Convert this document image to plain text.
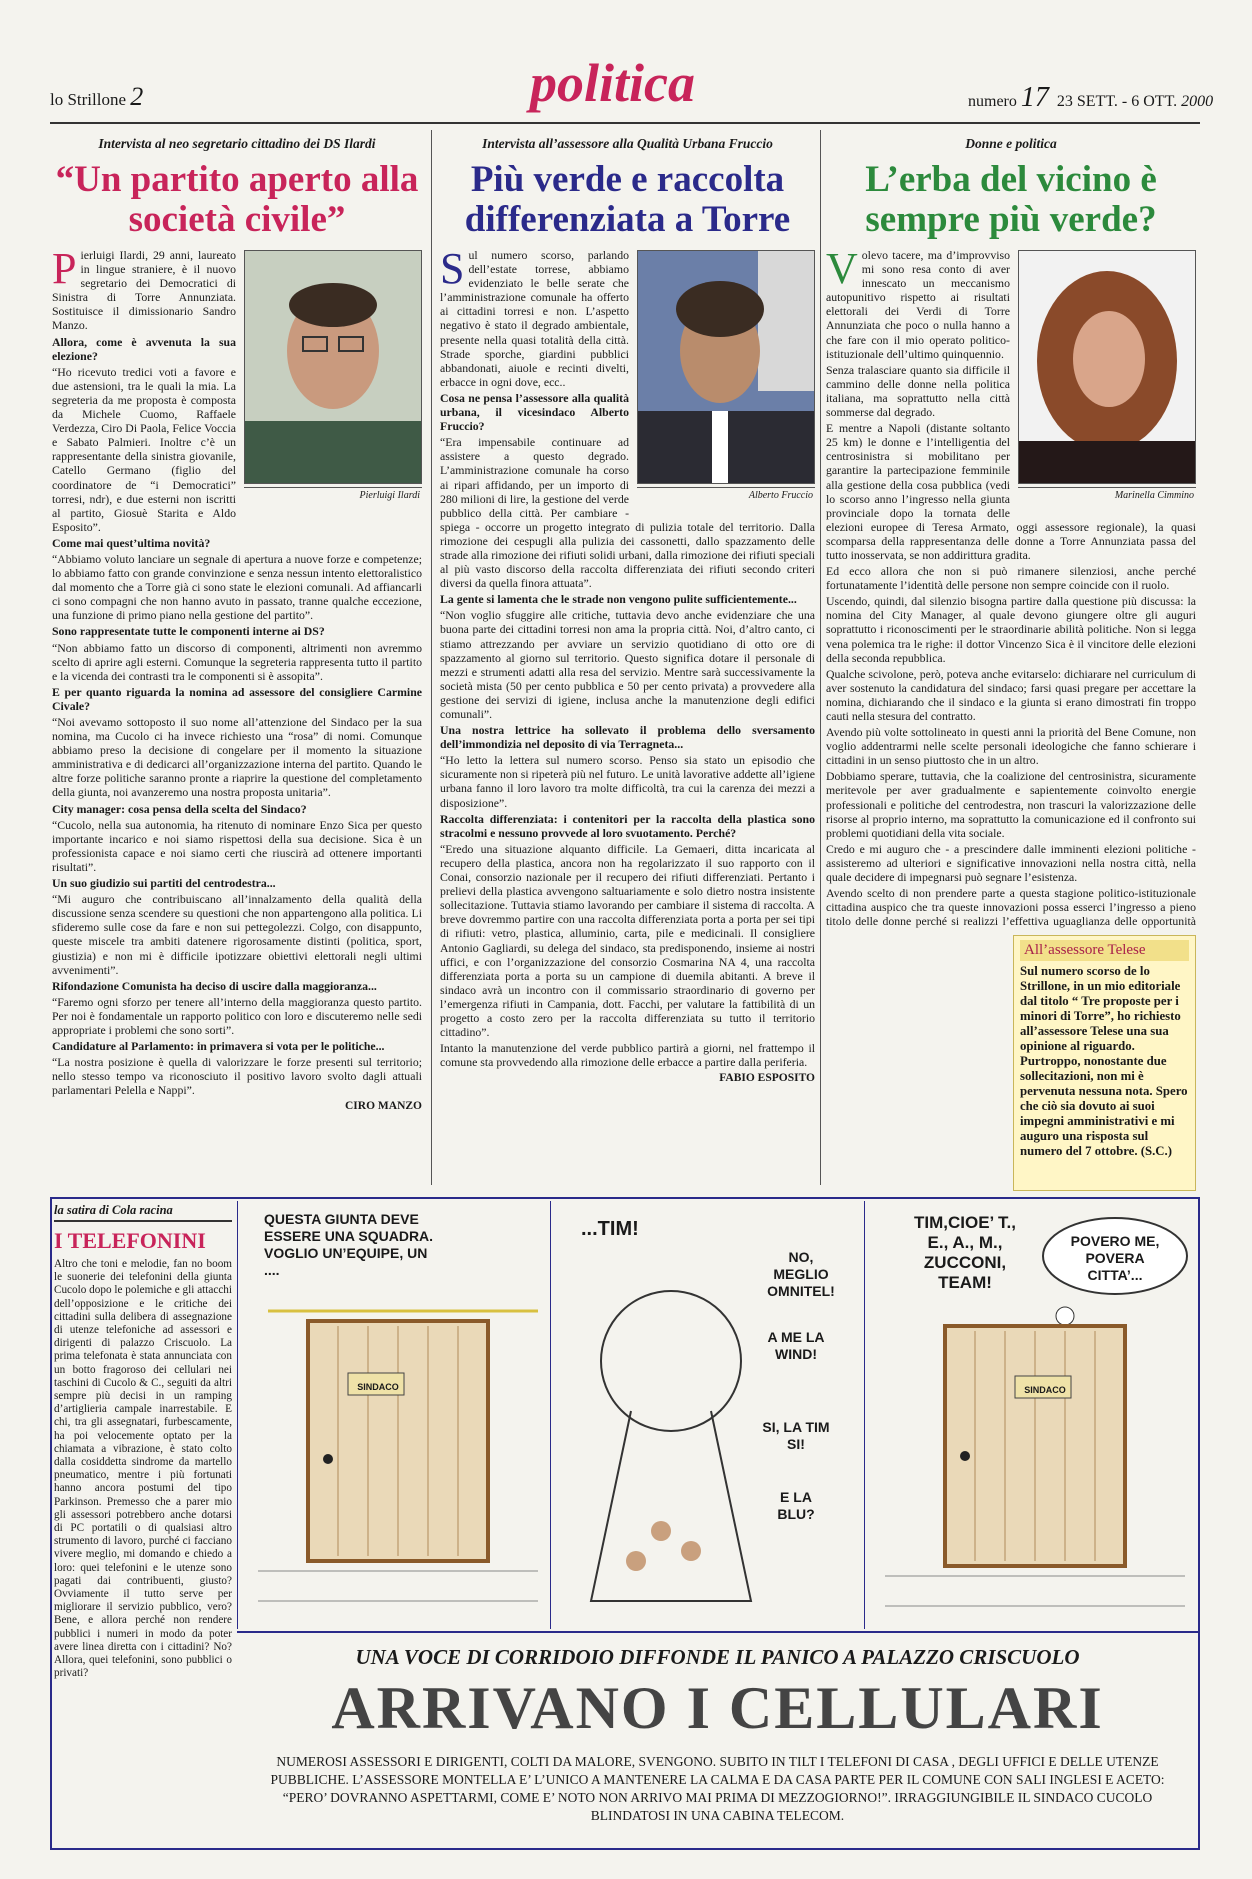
lo Strillone 2	politica	numero 17 23 SETT. - 6 OTT. 2000
Intervista al neo segretario cittadino dei DS Ilardi
“Un partito aperto alla società civile”
Pierluigi Ilardi
P ierluigi Ilardi, 29 anni, laureato in lingue straniere, è il nuovo segretario dei Democratici di Sinistra di Torre Annunziata. Sostituisce il dimissionario Sandro Manzo.

Allora, come è avvenuta la sua elezione?

“Ho ricevuto tredici voti a favore e due astensioni, tra le quali la mia. La segreteria da me proposta è composta da Michele Cuomo, Raffaele Verdezza, Ciro Di Paola, Felice Voccia e Sabato Palmieri. Inoltre c’è un rappresentante della sinistra giovanile, Catello Germano (figlio del coordinatore de “i Democratici” torresi, ndr), e due esterni non iscritti al partito, Giosuè Starita e Aldo Esposito”.

Come mai quest’ultima novità?

“Abbiamo voluto lanciare un segnale di apertura a nuove forze e competenze; lo abbiamo fatto con grande convinzione e senza nessun intento elettoralistico dal momento che a Torre già ci sono state le elezioni comunali. Ad affiancarli ci sono compagni che non hanno avuto in passato, tranne qualche eccezione, una funzione di primo piano nella gestione del partito”.

Sono rappresentate tutte le componenti interne ai DS?

“Non abbiamo fatto un discorso di componenti, altrimenti non avremmo scelto di aprire agli esterni. Comunque la segreteria rappresenta tutto il partito e la vicenda dei contrasti tra le componenti si è assopita”.

E per quanto riguarda la nomina ad assessore del consigliere Carmine Civale?

“Noi avevamo sottoposto il suo nome all’attenzione del Sindaco per la sua nomina, ma Cucolo ci ha invece richiesto una “rosa” di nomi. Comunque abbiamo preso la decisione di congelare per il momento la situazione amministrativa e di dedicarci all’organizzazione interna del partito. Quando le altre forze politiche saranno pronte a riaprire la questione del completamento della giunta, noi avanzeremo una nostra proposta unitaria”.

City manager: cosa pensa della scelta del Sindaco?

“Cucolo, nella sua autonomia, ha ritenuto di nominare Enzo Sica per questo importante incarico e noi siamo rispettosi della sua decisione. Sica è un professionista capace e noi siamo certi che riuscirà ad ottenere importanti risultati”.

Un suo giudizio sui partiti del centrodestra...

“Mi auguro che contribuiscano all’innalzamento della qualità della discussione senza scendere su questioni che non appartengono alla politica. Li sfideremo sulle cose da fare e non sui pettegolezzi. Colgo, con disappunto, queste miscele tra ambiti datenere rigorosamente distinti (politica, sport, giustizia) e non mi è difficile ipotizzare obiettivi elettorali negli ultimi avvenimenti”.

Rifondazione Comunista ha deciso di uscire dalla maggioranza...

“Faremo ogni sforzo per tenere all’interno della maggioranza questo partito. Per noi è fondamentale un rapporto politico con loro e discuteremo nelle sedi appropriate i problemi che sono sorti”.

Candidature al Parlamento: in primavera si vota per le politiche...

“La nostra posizione è quella di valorizzare le forze presenti sul territorio; nello stesso tempo va riconosciuto il positivo lavoro svolto dagli attuali parlamentari Pelella e Nappi”.

CIRO MANZO
Intervista all’assessore alla Qualità Urbana Fruccio
Più verde e raccolta differenziata a Torre
Alberto Fruccio
S ul numero scorso, parlando dell’estate torrese, abbiamo evidenziato le belle serate che l’amministrazione comunale ha offerto ai cittadini torresi e non. L’aspetto negativo è stato il degrado ambientale, presente nella quasi totalità della città. Strade sporche, giardini pubblici abbandonati, aiuole e recinti divelti, erbacce in ogni dove, ecc..

Cosa ne pensa l’assessore alla qualità urbana, il vicesindaco Alberto Fruccio?

“Era impensabile continuare ad assistere a questo degrado. L’amministrazione comunale ha corso ai ripari affidando, per un importo di 280 milioni di lire, la gestione del verde pubblico della città. Per cambiare - spiega - occorre un progetto integrato di pulizia totale del territorio. Dalla rimozione dei cespugli alla pulizia dei cassonetti, dallo spazzamento delle strade alla rimozione dei rifiuti solidi urbani, dalla rimozione dei rifiuti speciali al più vasto discorso della raccolta differenziata dei rifiuti secondo criteri diversi da quella finora attuata”.

La gente si lamenta che le strade non vengono pulite sufficientemente...

“Non voglio sfuggire alle critiche, tuttavia devo anche evidenziare che una buona parte dei cittadini torresi non ama la propria città. Noi, d’altro canto, ci stiamo attrezzando per avviare un servizio quotidiano di otto ore di spazzamento al giorno sul territorio. Questo significa dotare il personale di mezzi e strumenti adatti alla resa del servizio. Mentre sarà successivamente la società mista (50 per cento pubblica e 50 per cento privata) a provvedere alla gestione dei servizi di igiene, inclusa anche la manutenzione degli edifici comunali”.

Una nostra lettrice ha sollevato il problema dello sversamento dell’immondizia nel deposito di via Terragneta...

“Ho letto la lettera sul numero scorso. Penso sia stato un episodio che sicuramente non si ripeterà più nel futuro. Le unità lavorative addette all’igiene urbana fanno il loro lavoro tra molte difficoltà, tra cui la carenza dei mezzi a disposizione”.

Raccolta differenziata: i contenitori per la raccolta della plastica sono stracolmi e nessuno provvede al loro svuotamento. Perché?

“Eredo una situazione alquanto difficile. La Gemaeri, ditta incaricata al recupero della plastica, ancora non ha regolarizzato il suo rapporto con il Conai, consorzio nazionale per il recupero dei rifiuti differenziati. Pertanto i prelievi della plastica avvengono saltuariamente e solo dietro nostra insistente sollecitazione. Tuttavia stiamo lavorando per cambiare il sistema di raccolta. A breve dovremmo partire con una raccolta differenziata porta a porta per sei tipi di rifiuti: vetro, plastica, alluminio, carta, pile e medicinali. Il consigliere Antonio Gagliardi, su delega del sindaco, sta predisponendo, insieme ai nostri uffici, e con l’organizzazione del consorzio Cosmarina NA 4, una raccolta differenziata porta a porta su un campione di duemila abitanti. A breve il sindaco avrà un incontro con il commissario straordinario di governo per l’emergenza rifiuti in Campania, dott. Facchi, per valutare la fattibilità di un progetto a costo zero per la raccolta differenziata su tutto il territorio cittadino”.

Intanto la manutenzione del verde pubblico partirà a giorni, nel frattempo il comune sta provvedendo alla rimozione delle erbacce a partire dalla periferia.

FABIO ESPOSITO
Donne e politica
L’erba del vicino è sempre più verde?
Marinella Cimmino
V olevo tacere, ma d’improvviso mi sono resa conto di aver innescato un meccanismo autopunitivo rispetto ai risultati elettorali dei Verdi di Torre Annunziata che poco o nulla hanno a che fare con il mio operato politico-istituzionale dell’ultimo quinquennio.

Senza tralasciare quanto sia difficile il cammino delle donne nella politica italiana, ma soprattutto nella città sommerse dal degrado.

E mentre a Napoli (distante soltanto 25 km) le donne e l’intelligentia del centrosinistra si mobilitano per garantire la partecipazione femminile alla gestione della cosa pubblica (vedi lo scorso anno l’ingresso nella giunta provinciale dopo la tornata delle elezioni europee di Teresa Armato, oggi assessore regionale), la quasi scomparsa della rappresentanza delle donne a Torre Annunziata passa del tutto inosservata, se non addirittura gradita.

Ed ecco allora che non si può rimanere silenziosi, anche perché fortunatamente l’identità delle persone non sempre coincide con il ruolo.

Uscendo, quindi, dal silenzio bisogna partire dalla questione più discussa: la nomina del City Manager, al quale devono giungere oltre gli auguri soprattutto i riconoscimenti per le straordinarie abilità politiche. Non si legga vena polemica tra le righe: il dottor Vincenzo Sica è il vincitore delle elezioni della seconda repubblica.

Qualche scivolone, però, poteva anche evitarselo: dichiarare nel curriculum di aver sostenuto la candidatura del sindaco; farsi quasi pregare per accettare la nomina, dichiarando che il sindaco e la giunta si erano dimostrati fin troppo cauti nella stesura del contratto.

Avendo più volte sottolineato in questi anni la priorità del Bene Comune, non voglio addentrarmi nelle scelte personali ideologiche che fanno schierare i cittadini in un senso piuttosto che in un altro.

Dobbiamo sperare, tuttavia, che la coalizione del centrosinistra, sicuramente meritevole per aver gradualmente e sapientemente coinvolto energie professionali e politiche del centrodestra, non trascuri la valorizzazione delle risorse al proprio interno, ma soprattutto la comunicazione ed il confronto sui problemi quotidiani della vita sociale.

Credo e mi auguro che - a prescindere dalle imminenti elezioni politiche - assisteremo ad ulteriori e significative innovazioni nella nostra città, nella quale decidere di impegnarsi può segnare l’esistenza.

Avendo scelto di non prendere parte a questa stagione politico-istituzionale cittadina auspico che tra queste innovazioni possa esserci l’ingresso a pieno titolo delle donne perché si realizzi l’effettiva uguaglianza delle opportunità

All’assessore Telese
Sul numero scorso de lo Strillone, in un mio editoriale dal titolo “ Tre proposte per i minori di Torre”, ho richiesto all’assessore Telese una sua opinione al riguardo. Purtroppo, nonostante due sollecitazioni, non mi è pervenuta nessuna nota. Spero che ciò sia dovuto ai suoi impegni amministrativi e mi auguro una risposta sul numero del 7 ottobre. (S.C.)
la satira di Cola racina
I TELEFONINI
Altro che toni e melodie, fan no boom le suonerie dei telefonini della giunta Cucolo dopo le polemiche e gli attacchi dell’opposizione e le critiche dei cittadini sulla delibera di assegnazione di utenze telefoniche ad assessori e dirigenti di palazzo Criscuolo. La prima telefonata è stata annunciata con un botto fragoroso dei cellulari nei taschini di Cucolo & C., seguiti da altri sempre più decisi in un ramping d’artiglieria campale inarrestabile. E chi, tra gli assegnatari, furbescamente, ha poi velocemente optato per la chiamata a vibrazione, è stato colto dalla cosiddetta sindrome da martello pneumatico, mentre i più fortunati hanno ancora postumi del tipo Parkinson. Premesso che a parer mio gli assessori potrebbero anche dotarsi di PC portatili o di qualsiasi altro strumento di lavoro, purché ci facciano vivere meglio, mi domando e chiedo a loro: quei telefonini e le utenze sono pagati dai contribuenti, giusto? Ovviamente il tutto serve per migliorare il servizio pubblico, vero? Bene, e allora perché non rendere pubblici i numeri in modo da poter avere linea diretta con i cittadini? No? Allora, quei telefonini, sono pubblici o privati?
QUESTA GIUNTA DEVE ESSERE UNA SQUADRA. VOGLIO UN’EQUIPE, UN ....
SINDACO
...TIM!
NO, MEGLIO OMNITEL!
A ME LA WIND!
SI, LA TIM SI!
E LA BLU?
TIM,CIOE’ T., E., A., M., ZUCCONI, TEAM!
POVERO ME, POVERA CITTA’...
SINDACO
UNA VOCE DI CORRIDOIO DIFFONDE IL PANICO A PALAZZO CRISCUOLO
ARRIVANO I CELLULARI
NUMEROSI ASSESSORI E DIRIGENTI, COLTI DA MALORE, SVENGONO. SUBITO IN TILT I TELEFONI DI CASA , DEGLI UFFICI E DELLE UTENZE PUBBLICHE. L’ASSESSORE MONTELLA E’ L’UNICO A MANTENERE LA CALMA E DA CASA PARTE PER IL COMUNE CON SALI INGLESI E ACETO: “PERO’ DOVRANNO ASPETTARMI, COME E’ NOTO NON ARRIVO MAI PRIMA DI MEZZOGIORNO!”. IRRAGGIUNGIBILE IL SINDACO CUCOLO BLINDATOSI IN UNA CABINA TELECOM.
